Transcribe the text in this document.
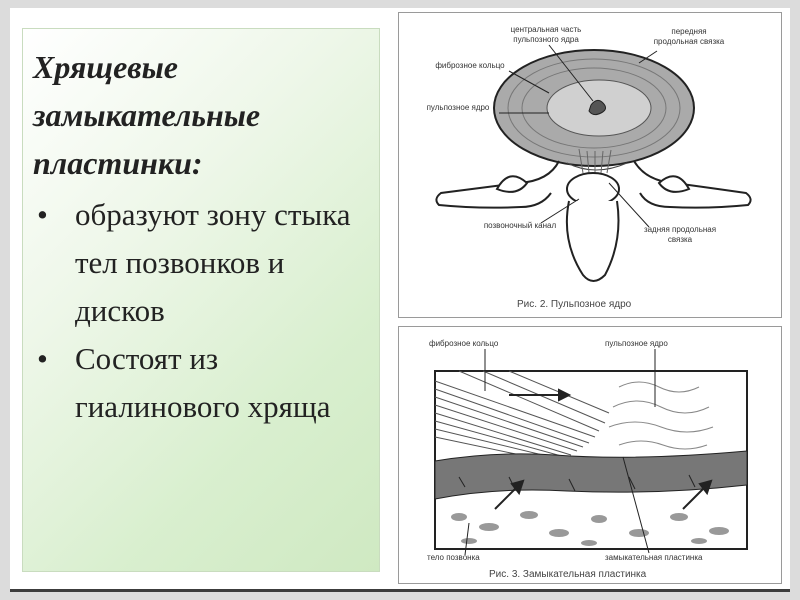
Хрящевые замыкательные пластинки:
• образуют зону стыка тел позвонков и дисков
• Состоят из гиалинового хряща
центральная часть пульпозного ядра
передняя продольная связка
фиброзное кольцо
пульпозное ядро
позвоночный канал	задняя продольная связка
Рис. 2. Пульпозное ядро
фиброзное кольцо	пульпозное ядро
тело позвонка	замыкательная пластинка
Рис. 3. Замыкательная пластинка
